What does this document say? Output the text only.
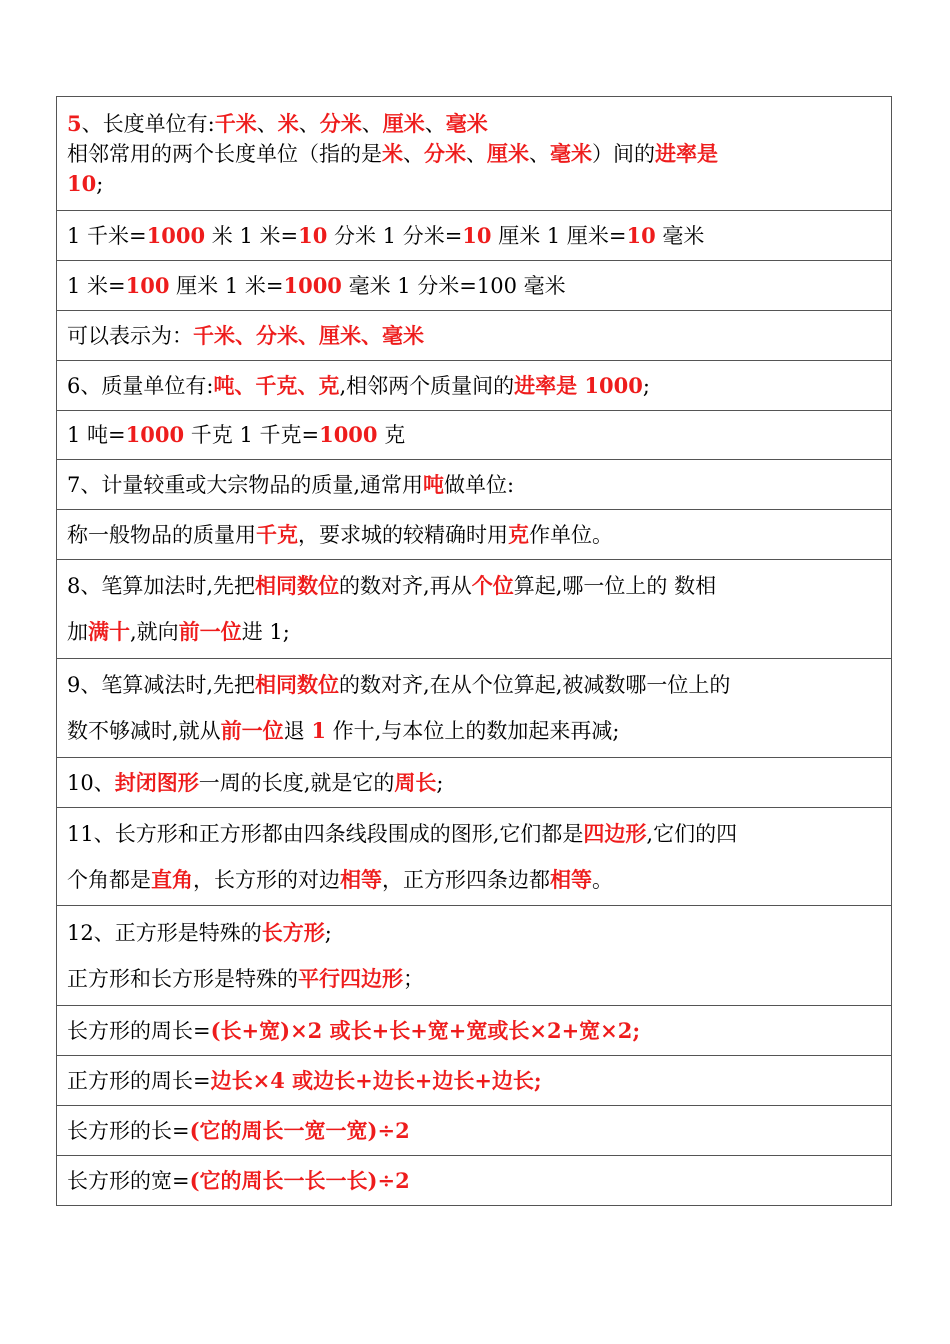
5、长度单位有:千米、米、分米、厘米、毫米
相邻常用的两个长度单位（指的是米、分米、厘米、毫米）间的进率是
10;
1 千米=1000 米 1 米=10 分米 1 分米=10 厘米 1 厘米=10 毫米
1 米=100 厘米 1 米=1000 毫米 1 分米=100 毫米
可以表示为：千米、分米、厘米、毫米
6、质量单位有:吨、千克、克,相邻两个质量间的进率是 1000;
1 吨=1000 千克 1 千克=1000 克
7、计量较重或大宗物品的质量,通常用吨做单位:
称一般物品的质量用千克，要求城的较精确时用克作单位。
8、笔算加法时,先把相同数位的数对齐,再从个位算起,哪一位上的 数相
加满十,就向前一位进 1;
9、笔算减法时,先把相同数位的数对齐,在从个位算起,被减数哪一位上的
数不够减时,就从前一位退 1 作十,与本位上的数加起来再减;
10、封闭图形一周的长度,就是它的周长;
11、长方形和正方形都由四条线段围成的图形,它们都是四边形,它们的四
个角都是直角，长方形的对边相等，正方形四条边都相等。
12、正方形是特殊的长方形;
正方形和长方形是特殊的平行四边形；
长方形的周长=(长+宽)×2 或长+长+宽+宽或长×2+宽×2;
正方形的周长=边长×4 或边长+边长+边长+边长;
长方形的长=(它的周长一宽一宽)÷2
长方形的宽=(它的周长一长一长)÷2
